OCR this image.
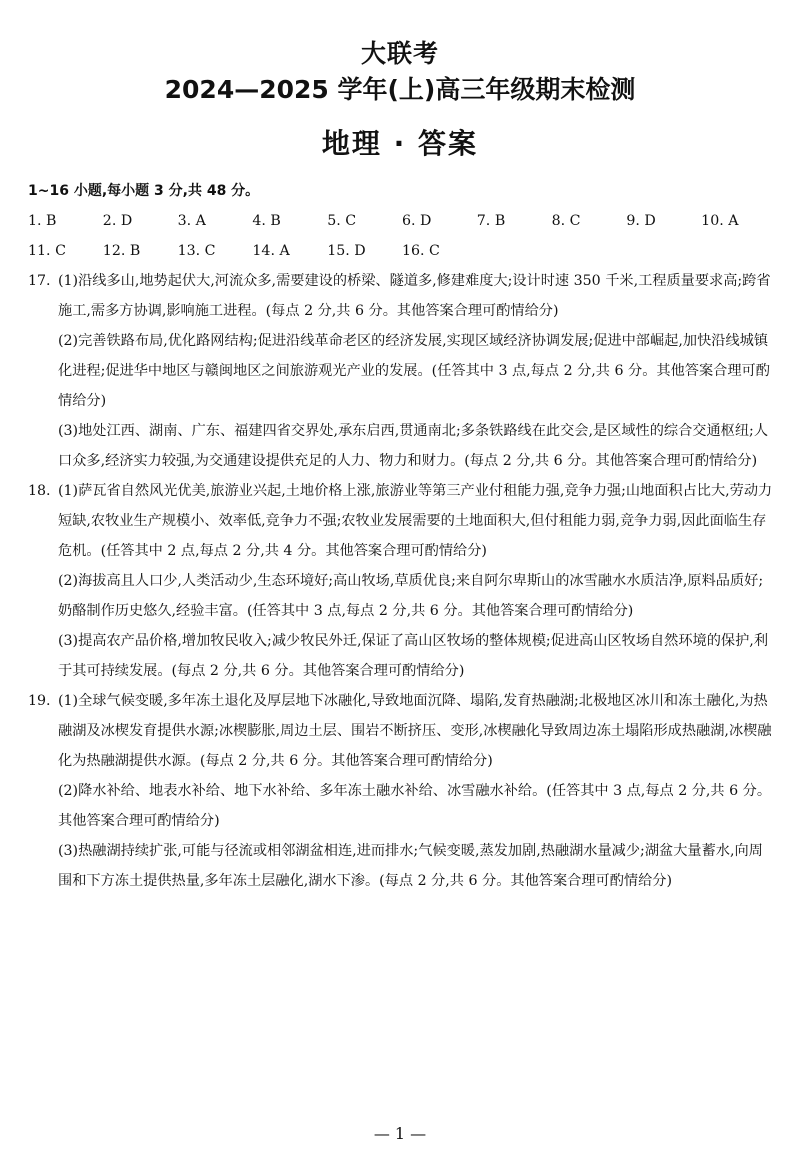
大联考
2024—2025 学年(上)高三年级期末检测
地理 · 答案

1~16 小题,每小题 3 分,共 48 分。

1. B	2. D	3. A	4. B	5. C	6. D	7. B	8. C	9. D	10. A
11. C	12. B	13. C	14. A	15. D	16. C

17. (1)沿线多山,地势起伏大,河流众多,需要建设的桥梁、隧道多,修建难度大;设计时速 350 千米,工程质量要求高;跨省施工,需多方协调,影响施工进程。(每点 2 分,共 6 分。其他答案合理可酌情给分)

(2)完善铁路布局,优化路网结构;促进沿线革命老区的经济发展,实现区域经济协调发展;促进中部崛起,加快沿线城镇化进程;促进华中地区与赣闽地区之间旅游观光产业的发展。(任答其中 3 点,每点 2 分,共 6 分。其他答案合理可酌情给分)

(3)地处江西、湖南、广东、福建四省交界处,承东启西,贯通南北;多条铁路线在此交会,是区域性的综合交通枢纽;人口众多,经济实力较强,为交通建设提供充足的人力、物力和财力。(每点 2 分,共 6 分。其他答案合理可酌情给分)

18. (1)萨瓦省自然风光优美,旅游业兴起,土地价格上涨,旅游业等第三产业付租能力强,竞争力强;山地面积占比大,劳动力短缺,农牧业生产规模小、效率低,竞争力不强;农牧业发展需要的土地面积大,但付租能力弱,竞争力弱,因此面临生存危机。(任答其中 2 点,每点 2 分,共 4 分。其他答案合理可酌情给分)

(2)海拔高且人口少,人类活动少,生态环境好;高山牧场,草质优良;来自阿尔卑斯山的冰雪融水水质洁净,原料品质好;奶酪制作历史悠久,经验丰富。(任答其中 3 点,每点 2 分,共 6 分。其他答案合理可酌情给分)

(3)提高农产品价格,增加牧民收入;减少牧民外迁,保证了高山区牧场的整体规模;促进高山区牧场自然环境的保护,利于其可持续发展。(每点 2 分,共 6 分。其他答案合理可酌情给分)

19. (1)全球气候变暖,多年冻土退化及厚层地下冰融化,导致地面沉降、塌陷,发育热融湖;北极地区冰川和冻土融化,为热融湖及冰楔发育提供水源;冰楔膨胀,周边土层、围岩不断挤压、变形,冰楔融化导致周边冻土塌陷形成热融湖,冰楔融化为热融湖提供水源。(每点 2 分,共 6 分。其他答案合理可酌情给分)

(2)降水补给、地表水补给、地下水补给、多年冻土融水补给、冰雪融水补给。(任答其中 3 点,每点 2 分,共 6 分。其他答案合理可酌情给分)

(3)热融湖持续扩张,可能与径流或相邻湖盆相连,进而排水;气候变暖,蒸发加剧,热融湖水量减少;湖盆大量蓄水,向周围和下方冻土提供热量,多年冻土层融化,湖水下渗。(每点 2 分,共 6 分。其他答案合理可酌情给分)

— 1 —
